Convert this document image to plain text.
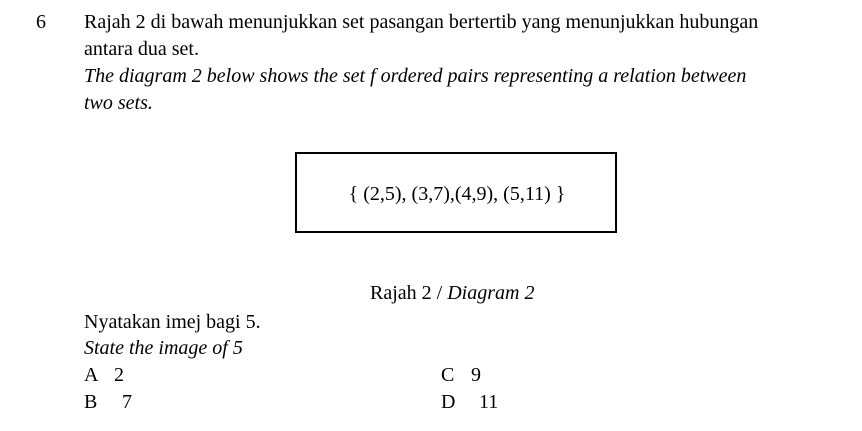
6 Rajah 2 di bawah menunjukkan set pasangan bertertib yang menunjukkan hubungan
antara dua set.
The diagram 2 below shows the set f ordered pairs representing a relation between
two sets.
{ (2,5), (3,7),(4,9), (5,11) }
Rajah 2 / Diagram 2
Nyatakan imej bagi 5.
State the image of 5
A 2
B 7
C 9
D 11
